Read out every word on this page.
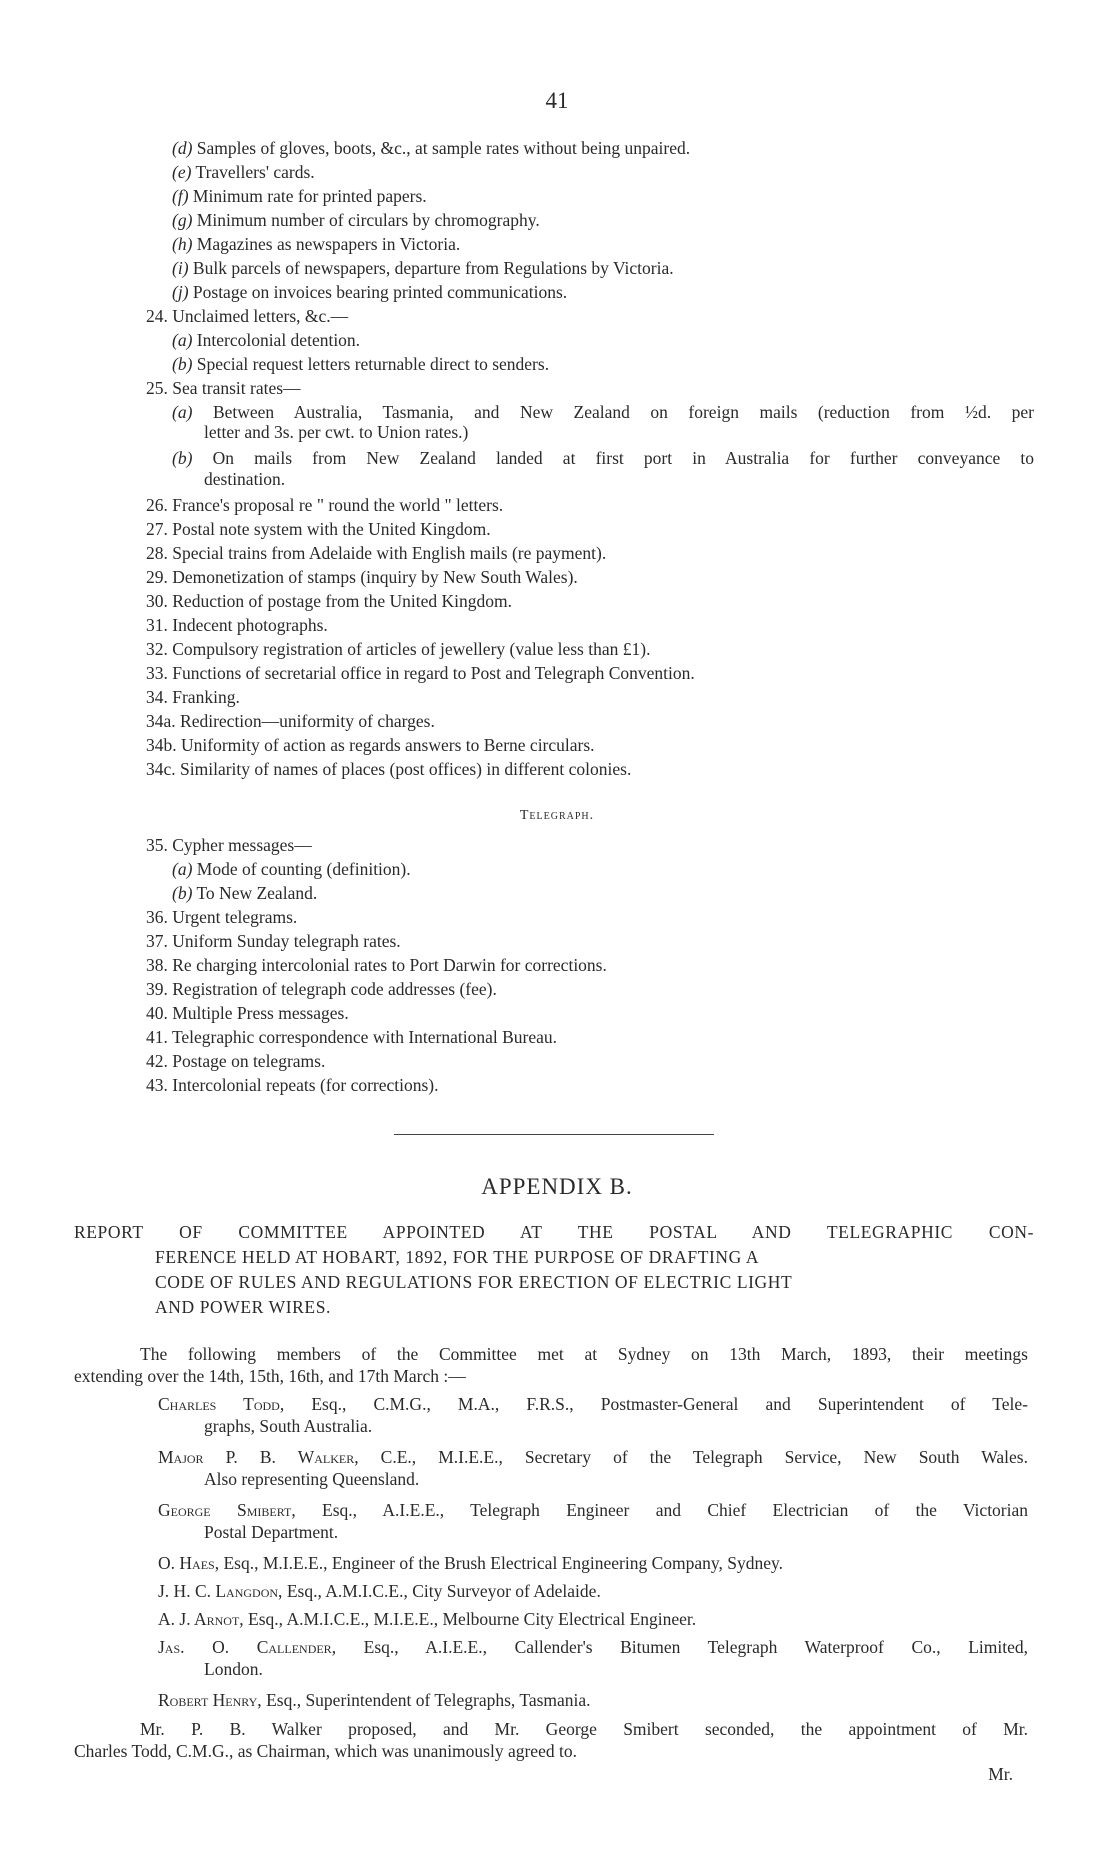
41
(d) Samples of gloves, boots, &c., at sample rates without being unpaired.
(e) Travellers' cards.
(f) Minimum rate for printed papers.
(g) Minimum number of circulars by chromography.
(h) Magazines as newspapers in Victoria.
(i) Bulk parcels of newspapers, departure from Regulations by Victoria.
(j) Postage on invoices bearing printed communications.
24. Unclaimed letters, &c.—
(a) Intercolonial detention.
(b) Special request letters returnable direct to senders.
25. Sea transit rates—
(a) Between Australia, Tasmania, and New Zealand on foreign mails (reduction from ½d. per
letter and 3s. per cwt. to Union rates.)
(b) On mails from New Zealand landed at first port in Australia for further conveyance to
destination.
26. France's proposal re " round the world " letters.
27. Postal note system with the United Kingdom.
28. Special trains from Adelaide with English mails (re payment).
29. Demonetization of stamps (inquiry by New South Wales).
30. Reduction of postage from the United Kingdom.
31. Indecent photographs.
32. Compulsory registration of articles of jewellery (value less than £1).
33. Functions of secretarial office in regard to Post and Telegraph Convention.
34. Franking.
34a. Redirection—uniformity of charges.
34b. Uniformity of action as regards answers to Berne circulars.
34c. Similarity of names of places (post offices) in different colonies.
Telegraph.
35. Cypher messages—
(a) Mode of counting (definition).
(b) To New Zealand.
36. Urgent telegrams.
37. Uniform Sunday telegraph rates.
38. Re charging intercolonial rates to Port Darwin for corrections.
39. Registration of telegraph code addresses (fee).
40. Multiple Press messages.
41. Telegraphic correspondence with International Bureau.
42. Postage on telegrams.
43. Intercolonial repeats (for corrections).
APPENDIX B.
REPORT OF COMMITTEE APPOINTED AT THE POSTAL AND TELEGRAPHIC CON-
FERENCE HELD AT HOBART, 1892, FOR THE PURPOSE OF DRAFTING A
CODE OF RULES AND REGULATIONS FOR ERECTION OF ELECTRIC LIGHT
AND POWER WIRES.
The following members of the Committee met at Sydney on 13th March, 1893, their meetings
extending over the 14th, 15th, 16th, and 17th March :—
Charles Todd, Esq., C.M.G., M.A., F.R.S., Postmaster-General and Superintendent of Tele-
graphs, South Australia.
Major P. B. Walker, C.E., M.I.E.E., Secretary of the Telegraph Service, New South Wales.
Also representing Queensland.
George Smibert, Esq., A.I.E.E., Telegraph Engineer and Chief Electrician of the Victorian
Postal Department.
O. Haes, Esq., M.I.E.E., Engineer of the Brush Electrical Engineering Company, Sydney.
J. H. C. Langdon, Esq., A.M.I.C.E., City Surveyor of Adelaide.
A. J. Arnot, Esq., A.M.I.C.E., M.I.E.E., Melbourne City Electrical Engineer.
Jas. O. Callender, Esq., A.I.E.E., Callender's Bitumen Telegraph Waterproof Co., Limited,
London.
Robert Henry, Esq., Superintendent of Telegraphs, Tasmania.
Mr. P. B. Walker proposed, and Mr. George Smibert seconded, the appointment of Mr.
Charles Todd, C.M.G., as Chairman, which was unanimously agreed to.
Mr.
